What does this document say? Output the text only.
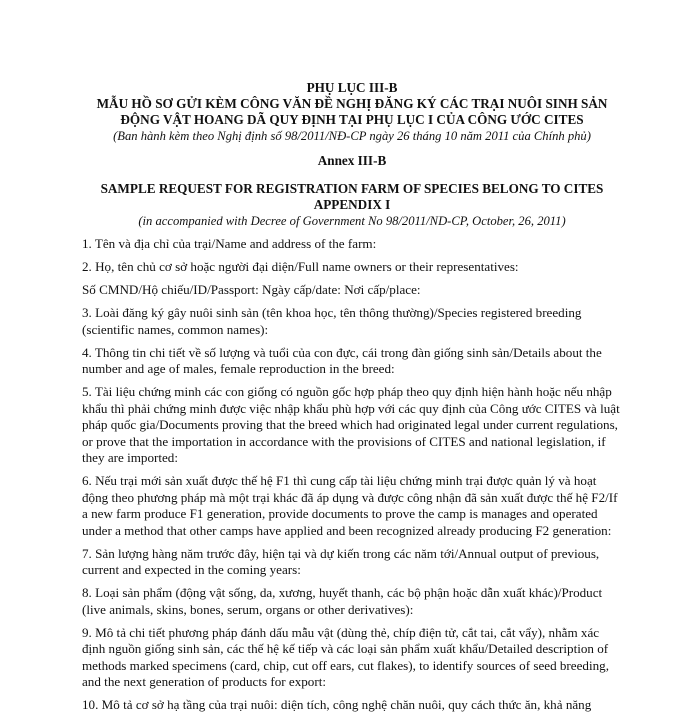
PHỤ LỤC III-B

MẪU HỒ SƠ GỬI KÈM CÔNG VĂN ĐỀ NGHỊ ĐĂNG KÝ CÁC TRẠI NUÔI SINH SẢN

ĐỘNG VẬT HOANG DÃ QUY ĐỊNH TẠI PHỤ LỤC I CỦA CÔNG ƯỚC CITES

(Ban hành kèm theo Nghị định số 98/2011/NĐ-CP ngày 26 tháng 10 năm 2011 của Chính phủ)

Annex III-B

SAMPLE REQUEST FOR REGISTRATION FARM OF SPECIES BELONG TO CITES

APPENDIX I

(in accompanied with Decree of Government No 98/2011/ND-CP, October, 26, 2011)

1. Tên và địa chỉ của trại/Name and address of the farm:

2. Họ, tên chủ cơ sở hoặc người đại diện/Full name owners or their representatives:

Số CMND/Hộ chiếu/ID/Passport: Ngày cấp/date: Nơi cấp/place:

3. Loài đăng ký gây nuôi sinh sản (tên khoa học, tên thông thường)/Species registered breeding (scientific names, common names):

4. Thông tin chi tiết về số lượng và tuổi của con đực, cái trong đàn giống sinh sản/Details about the number and age of males, female reproduction in the breed:

5. Tài liệu chứng minh các con giống có nguồn gốc hợp pháp theo quy định hiện hành hoặc nếu nhập khẩu thì phải chứng minh được việc nhập khẩu phù hợp với các quy định của Công ước CITES và luật pháp quốc gia/Documents proving that the breed which had originated legal under current regulations, or prove that the importation in accordance with the provisions of CITES and national legislation, if they are imported:

6. Nếu trại mới sản xuất được thế hệ F1 thì cung cấp tài liệu chứng minh trại được quản lý và hoạt động theo phương pháp mà một trại khác đã áp dụng và được công nhận đã sản xuất được thế hệ F2/If a new farm produce F1 generation, provide documents to prove the camp is manages and operated under a method that other camps have applied and been recognized already producing F2 generation:

7. Sản lượng hàng năm trước đây, hiện tại và dự kiến trong các năm tới/Annual output of previous, current and expected in the coming years:

8. Loại sản phẩm (động vật sống, da, xương, huyết thanh, các bộ phận hoặc dẫn xuất khác)/Product (live animals, skins, bones, serum, organs or other derivatives):

9. Mô tả chi tiết phương pháp đánh dấu mẫu vật (dùng thẻ, chíp điện tử, cắt tai, cắt vẩy), nhằm xác định nguồn giống sinh sản, các thế hệ kế tiếp và các loại sản phẩm xuất khẩu/Detailed description of methods marked specimens (card, chip, cut off ears, cut flakes), to identify sources of seed breeding, and the next generation of products for export:

10. Mô tả cơ sở hạ tầng của trại nuôi: diện tích, công nghệ chăn nuôi, quy cách thức ăn, khả năng
